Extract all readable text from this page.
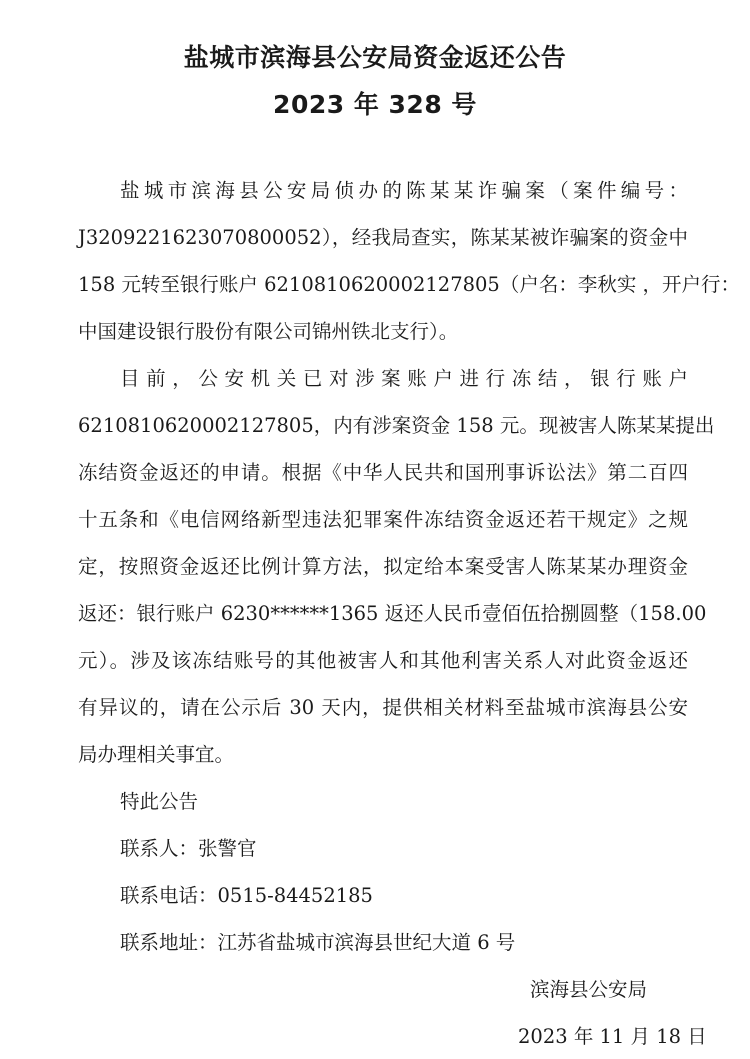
盐城市滨海县公安局资金返还公告
2023 年 328 号
盐城市滨海县公安局侦办的陈某某诈骗案（案件编号：
J3209221623070800052），经我局查实，陈某某被诈骗案的资金中
158 元转至银行账户 6210810620002127805（户名：李秋实 ，开户行：
中国建设银行股份有限公司锦州铁北支行）。
目前，公安机关已对涉案账户进行冻结，银行账户
6210810620002127805，内有涉案资金 158 元。现被害人陈某某提出
冻结资金返还的申请。根据《中华人民共和国刑事诉讼法》第二百四
十五条和《电信网络新型违法犯罪案件冻结资金返还若干规定》之规
定，按照资金返还比例计算方法，拟定给本案受害人陈某某办理资金
返还：银行账户 6230******1365 返还人民币壹佰伍拾捌圆整（158.00
元）。涉及该冻结账号的其他被害人和其他利害关系人对此资金返还
有异议的，请在公示后 30 天内，提供相关材料至盐城市滨海县公安
局办理相关事宜。
特此公告
联系人：张警官
联系电话：0515-84452185
联系地址：江苏省盐城市滨海县世纪大道 6 号
滨海县公安局
2023 年 11 月 18 日
